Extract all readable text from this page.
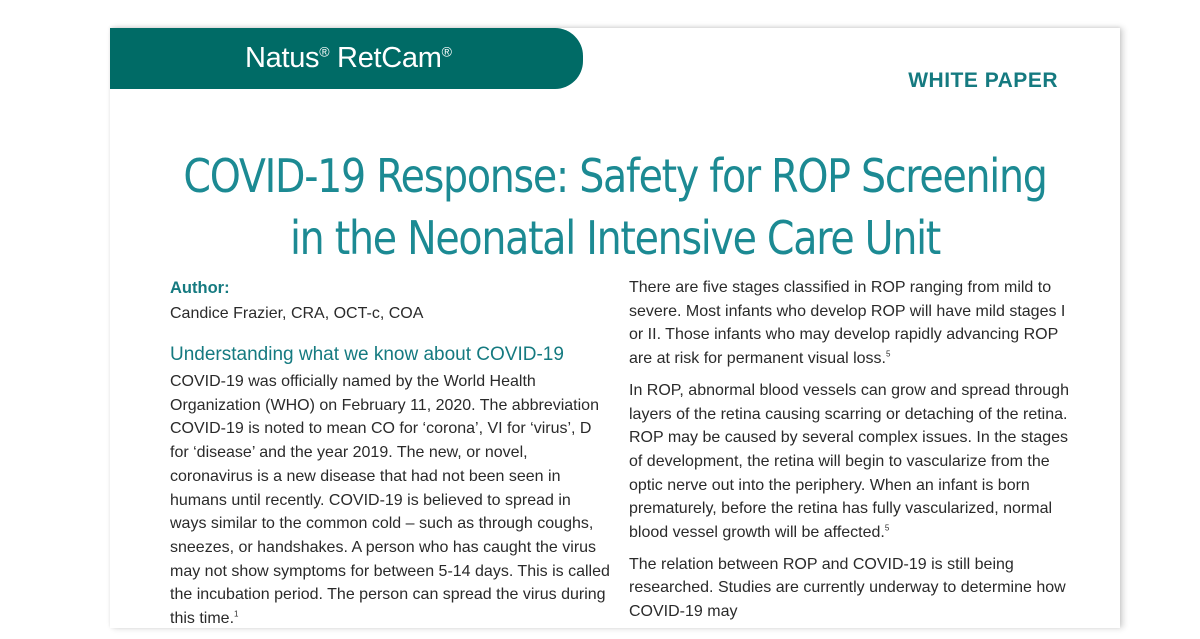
Natus® RetCam®
WHITE PAPER
COVID-19 Response: Safety for ROP Screening
in the Neonatal Intensive Care Unit
Author:
Candice Frazier, CRA, OCT-c, COA
Understanding what we know about COVID-19

COVID-19 was officially named by the World Health Organization (WHO) on February 11, 2020. The abbreviation COVID-19 is noted to mean CO for ‘corona’, VI for ‘virus’, D for ‘disease’ and the year 2019. The new, or novel, coronavirus is a new disease that had not been seen in humans until recently. COVID-19 is believed to spread in ways similar to the common cold – such as through coughs, sneezes, or handshakes. A person who has caught the virus may not show symptoms for between 5-14 days. This is called the incubation period. The person can spread the virus during this time.$^1$

There are five stages classified in ROP ranging from mild to severe. Most infants who develop ROP will have mild stages I or II. Those infants who may develop rapidly advancing ROP are at risk for permanent visual loss.$^5$

In ROP, abnormal blood vessels can grow and spread through layers of the retina causing scarring or detaching of the retina. ROP may be caused by several complex issues. In the stages of development, the retina will begin to vascularize from the optic nerve out into the periphery. When an infant is born prematurely, before the retina has fully vascularized, normal blood vessel growth will be affected.$^5$

The relation between ROP and COVID-19 is still being researched. Studies are currently underway to determine how COVID-19 may
